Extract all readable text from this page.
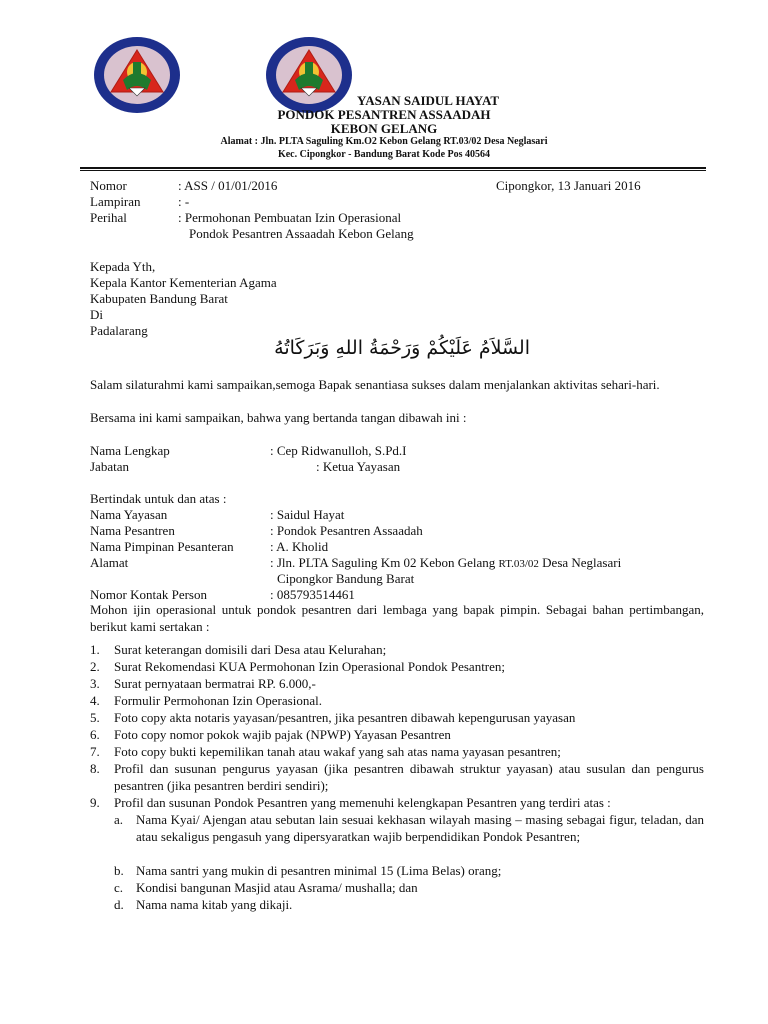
YASAN SAIDUL HAYAT
PONDOK PESANTREN ASSAADAH
KEBON GELANG
Alamat : Jln. PLTA Saguling Km.O2 Kebon Gelang RT.03/02 Desa Neglasari
Kec. Cipongkor - Bandung Barat Kode Pos 40564
Nomor	: ASS / 01/01/2016	Cipongkor, 13 Januari 2016
Lampiran	: -
Perihal	: Permohonan Pembuatan Izin Operasional
Pondok Pesantren Assaadah Kebon Gelang
Kepada Yth,
Kepala Kantor Kementerian Agama
Kabupaten Bandung Barat
Di
Padalarang
السَّلاَمُ عَلَيْكُمْ وَرَحْمَةُ اللهِ وَبَرَكَاتُهُ
Salam silaturahmi kami sampaikan,semoga Bapak senantiasa sukses dalam menjalankan aktivitas sehari-hari.
Bersama ini kami sampaikan, bahwa yang bertanda tangan dibawah ini :
Nama Lengkap	: Cep Ridwanulloh, S.Pd.I
Jabatan	: Ketua Yayasan
Bertindak untuk dan atas :
Nama Yayasan	: Saidul Hayat
Nama Pesantren	: Pondok Pesantren Assaadah
Nama Pimpinan Pesanteran	: A. Kholid
Alamat	: Jln. PLTA Saguling Km 02 Kebon Gelang RT.03/02 Desa Neglasari
Cipongkor Bandung Barat
Nomor Kontak Person	: 085793514461
Mohon ijin operasional untuk pondok pesantren dari lembaga yang bapak pimpin. Sebagai bahan pertimbangan, berikut kami sertakan :
1. Surat keterangan domisili dari Desa atau Kelurahan;
2. Surat Rekomendasi KUA Permohonan Izin Operasional Pondok Pesantren;
3. Surat pernyataan bermatrai RP. 6.000,-
4. Formulir Permohonan Izin Operasional.
5. Foto copy akta notaris yayasan/pesantren, jika pesantren dibawah kepengurusan yayasan
6. Foto copy nomor pokok wajib pajak (NPWP) Yayasan Pesantren
7. Foto copy bukti kepemilikan tanah atau wakaf yang sah atas nama yayasan pesantren;
8. Profil dan susunan pengurus yayasan (jika pesantren dibawah struktur yayasan) atau susulan dan pengurus pesantren (jika pesantren berdiri sendiri);
9. Profil dan susunan Pondok Pesantren yang memenuhi kelengkapan Pesantren yang terdiri atas :
a. Nama Kyai/ Ajengan atau sebutan lain sesuai kekhasan wilayah masing – masing sebagai figur, teladan, dan atau sekaligus pengasuh yang dipersyaratkan wajib berpendidikan Pondok Pesantren;
b. Nama santri yang mukin di pesantren minimal 15 (Lima Belas) orang;
c. Kondisi bangunan Masjid atau Asrama/ mushalla; dan
d. Nama nama kitab yang dikaji.
